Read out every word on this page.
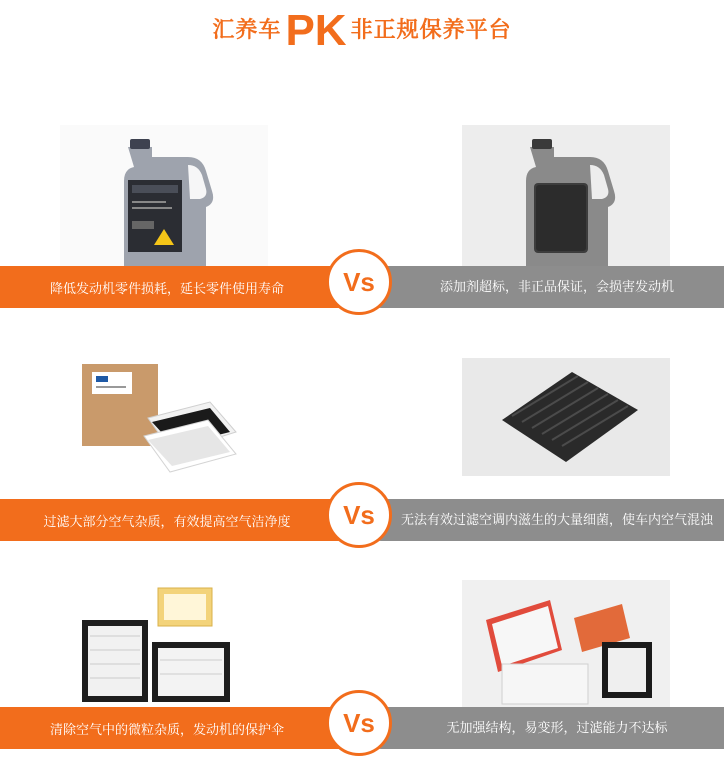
汇养车PK 非正规保养平台
降低发动机零件损耗，延长零件使用寿命	添加剂超标，非正品保证，会损害发动机
Vs
过滤大部分空气杂质，有效提高空气洁净度	无法有效过滤空调内滋生的大量细菌，使车内空气混浊
Vs
清除空气中的微粒杂质，发动机的保护伞	无加强结构，易变形，过滤能力不达标
Vs
